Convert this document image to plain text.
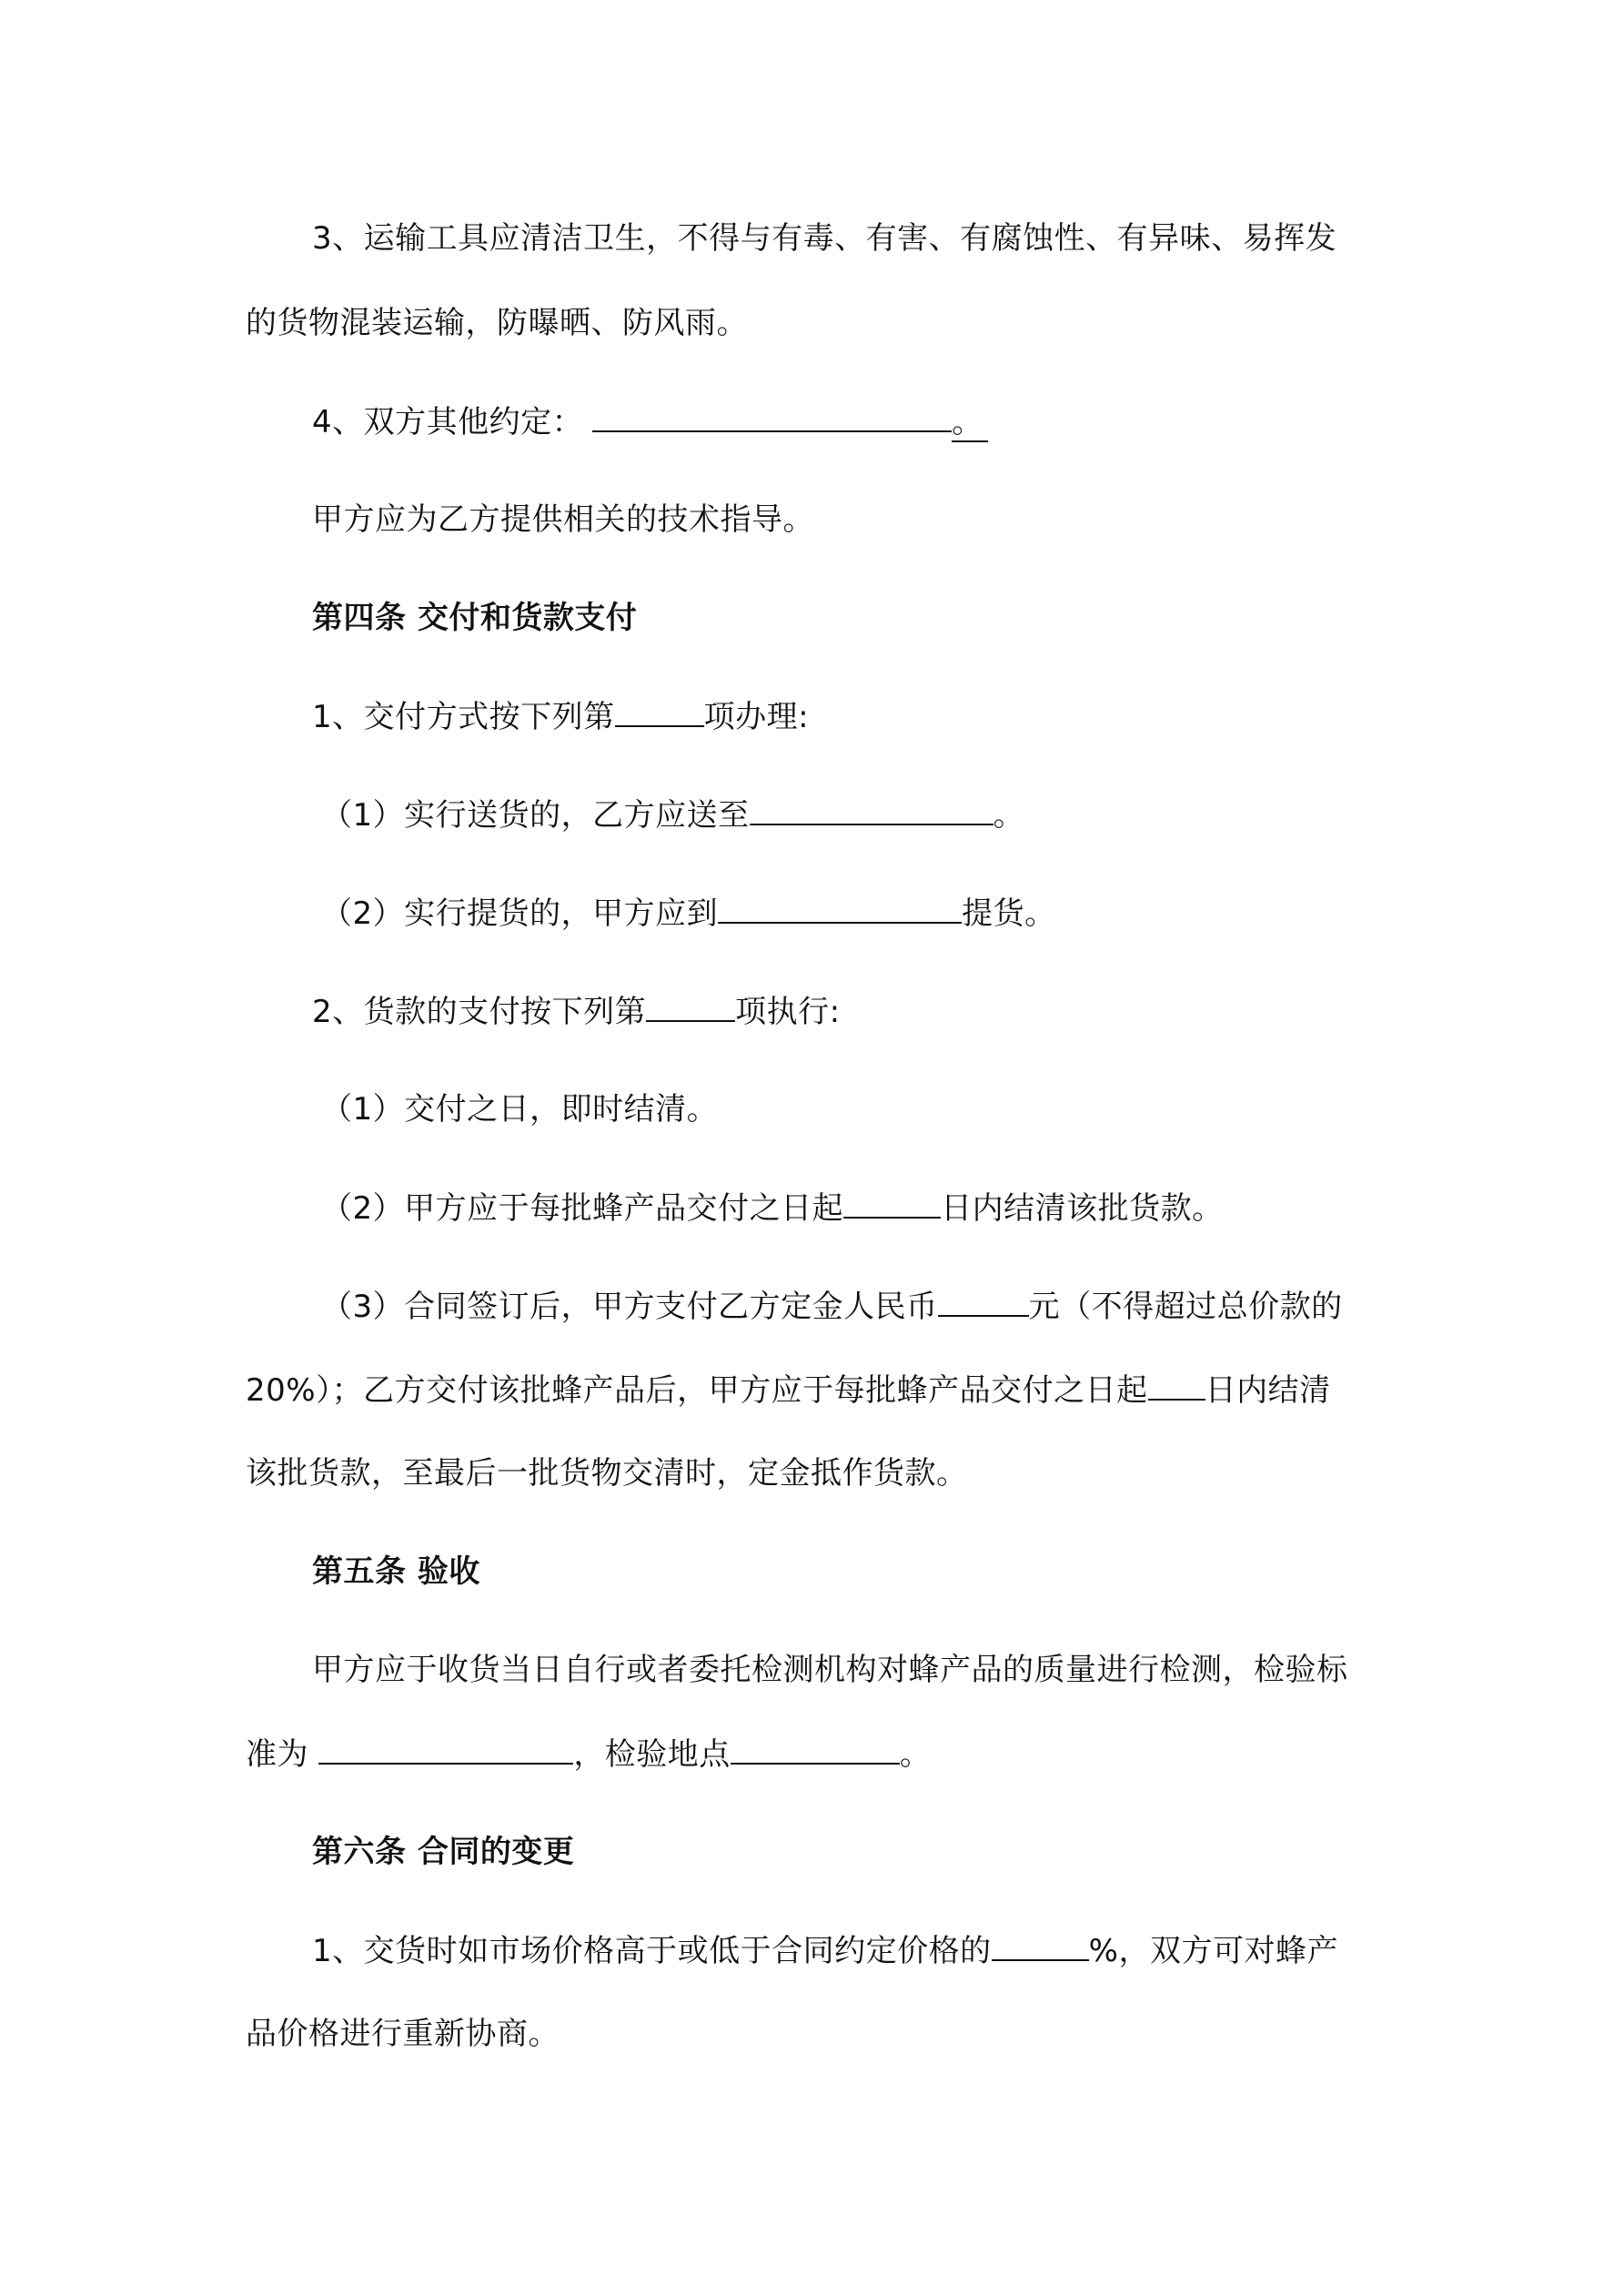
3、运输工具应清洁卫生，不得与有毒、有害、有腐蚀性、有异味、易挥发
的货物混装运输，防曝晒、防风雨。
4、双方其他约定：	。
甲方应为乙方提供相关的技术指导。
第四条 交付和货款支付
1、交付方式按下列第	项办理:
（1）实行送货的，乙方应送至	。
（2）实行提货的，甲方应到	提货。
2、货款的支付按下列第	项执行:
（1）交付之日，即时结清。
（2）甲方应于每批蜂产品交付之日起	日内结清该批货款。
（3）合同签订后，甲方支付乙方定金人民币	元（不得超过总价款的
20%）；乙方交付该批蜂产品后，甲方应于每批蜂产品交付之日起 日内结清
该批货款，至最后一批货物交清时，定金抵作货款。
第五条 验收
甲方应于收货当日自行或者委托检测机构对蜂产品的质量进行检测，检验标
准为	，检验地点	。
第六条 合同的变更
1、交货时如市场价格高于或低于合同约定价格的	%，双方可对蜂产
品价格进行重新协商。
